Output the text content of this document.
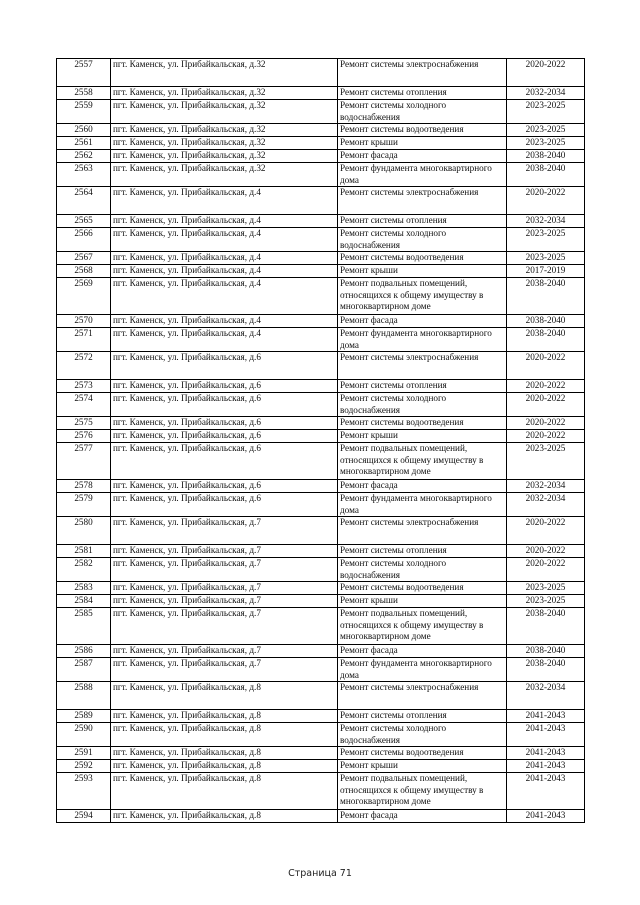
2557	пгт. Каменск, ул. Прибайкальская, д.32	Ремонт системы электроснабжения	2020-2022
2558	пгт. Каменск, ул. Прибайкальская, д.32	Ремонт системы отопления	2032-2034
2559	пгт. Каменск, ул. Прибайкальская, д.32	Ремонт системы холодного водоснабжения	2023-2025
2560	пгт. Каменск, ул. Прибайкальская, д.32	Ремонт системы водоотведения	2023-2025
2561	пгт. Каменск, ул. Прибайкальская, д.32	Ремонт крыши	2023-2025
2562	пгт. Каменск, ул. Прибайкальская, д.32	Ремонт фасада	2038-2040
2563	пгт. Каменск, ул. Прибайкальская, д.32	Ремонт фундамента многоквартирного дома	2038-2040
2564	пгт. Каменск, ул. Прибайкальская, д.4	Ремонт системы электроснабжения	2020-2022
2565	пгт. Каменск, ул. Прибайкальская, д.4	Ремонт системы отопления	2032-2034
2566	пгт. Каменск, ул. Прибайкальская, д.4	Ремонт системы холодного водоснабжения	2023-2025
2567	пгт. Каменск, ул. Прибайкальская, д.4	Ремонт системы водоотведения	2023-2025
2568	пгт. Каменск, ул. Прибайкальская, д.4	Ремонт крыши	2017-2019
2569	пгт. Каменск, ул. Прибайкальская, д.4	Ремонт подвальных помещений, относящихся к общему имуществу в многоквартирном доме	2038-2040
2570	пгт. Каменск, ул. Прибайкальская, д.4	Ремонт фасада	2038-2040
2571	пгт. Каменск, ул. Прибайкальская, д.4	Ремонт фундамента многоквартирного дома	2038-2040
2572	пгт. Каменск, ул. Прибайкальская, д.6	Ремонт системы электроснабжения	2020-2022
2573	пгт. Каменск, ул. Прибайкальская, д.6	Ремонт системы отопления	2020-2022
2574	пгт. Каменск, ул. Прибайкальская, д.6	Ремонт системы холодного водоснабжения	2020-2022
2575	пгт. Каменск, ул. Прибайкальская, д.6	Ремонт системы водоотведения	2020-2022
2576	пгт. Каменск, ул. Прибайкальская, д.6	Ремонт крыши	2020-2022
2577	пгт. Каменск, ул. Прибайкальская, д.6	Ремонт подвальных помещений, относящихся к общему имуществу в многоквартирном доме	2023-2025
2578	пгт. Каменск, ул. Прибайкальская, д.6	Ремонт фасада	2032-2034
2579	пгт. Каменск, ул. Прибайкальская, д.6	Ремонт фундамента многоквартирного дома	2032-2034
2580	пгт. Каменск, ул. Прибайкальская, д.7	Ремонт системы электроснабжения	2020-2022
2581	пгт. Каменск, ул. Прибайкальская, д.7	Ремонт системы отопления	2020-2022
2582	пгт. Каменск, ул. Прибайкальская, д.7	Ремонт системы холодного водоснабжения	2020-2022
2583	пгт. Каменск, ул. Прибайкальская, д.7	Ремонт системы водоотведения	2023-2025
2584	пгт. Каменск, ул. Прибайкальская, д.7	Ремонт крыши	2023-2025
2585	пгт. Каменск, ул. Прибайкальская, д.7	Ремонт подвальных помещений, относящихся к общему имуществу в многоквартирном доме	2038-2040
2586	пгт. Каменск, ул. Прибайкальская, д.7	Ремонт фасада	2038-2040
2587	пгт. Каменск, ул. Прибайкальская, д.7	Ремонт фундамента многоквартирного дома	2038-2040
2588	пгт. Каменск, ул. Прибайкальская, д.8	Ремонт системы электроснабжения	2032-2034
2589	пгт. Каменск, ул. Прибайкальская, д.8	Ремонт системы отопления	2041-2043
2590	пгт. Каменск, ул. Прибайкальская, д.8	Ремонт системы холодного водоснабжения	2041-2043
2591	пгт. Каменск, ул. Прибайкальская, д.8	Ремонт системы водоотведения	2041-2043
2592	пгт. Каменск, ул. Прибайкальская, д.8	Ремонт крыши	2041-2043
2593	пгт. Каменск, ул. Прибайкальская, д.8	Ремонт подвальных помещений, относящихся к общему имуществу в многоквартирном доме	2041-2043
2594	пгт. Каменск, ул. Прибайкальская, д.8	Ремонт фасада	2041-2043
Страница 71
